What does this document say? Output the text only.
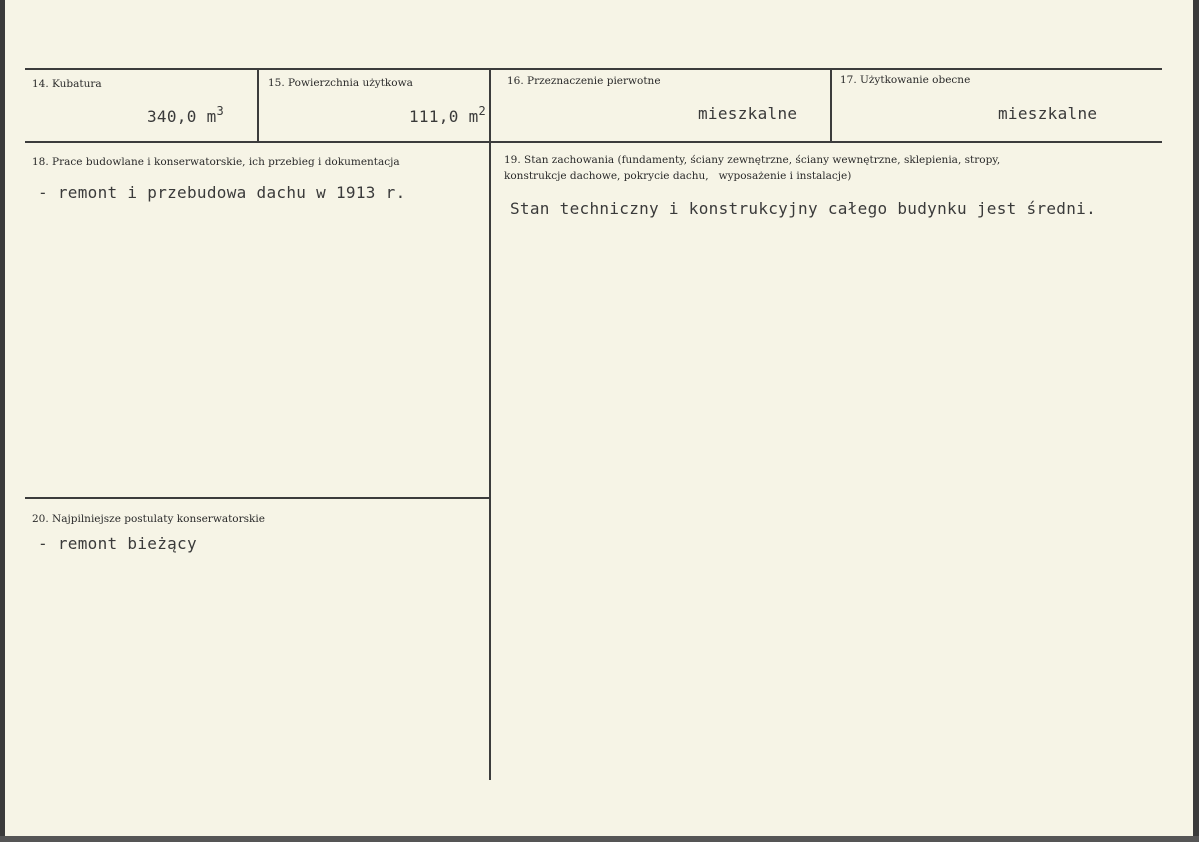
14. Kubatura
340,0 $m^3$
15. Powierzchnia użytkowa
111,0 $m^2$
16. Przeznaczenie pierwotne
mieszkalne
17. Użytkowanie obecne
mieszkalne
18. Prace budowlane i konserwatorskie, ich przebieg i dokumentacja
- remont i przebudowa dachu w 1913 r.
19. Stan zachowania (fundamenty, ściany zewnętrzne, ściany wewnętrzne, sklepienia, stropy,
konstrukcje dachowe, pokrycie dachu,   wyposażenie i instalacje)
Stan techniczny i konstrukcyjny całego budynku jest średni.
20. Najpilniejsze postulaty konserwatorskie
- remont bieżący
